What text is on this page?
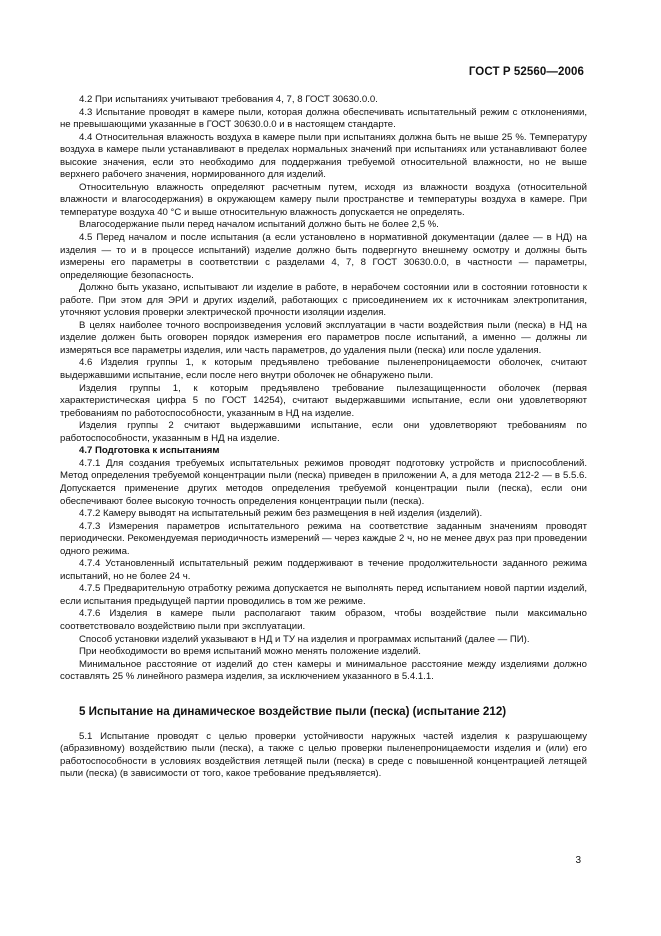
ГОСТ Р 52560—2006

4.2 При испытаниях учитывают требования 4, 7, 8 ГОСТ 30630.0.0.

4.3 Испытание проводят в камере пыли, которая должна обеспечивать испытательный режим с отклонениями, не превышающими указанные в ГОСТ 30630.0.0 и в настоящем стандарте.

4.4 Относительная влажность воздуха в камере пыли при испытаниях должна быть не выше 25 %. Температуру воздуха в камере пыли устанавливают в пределах нормальных значений при испытаниях или устанавливают более высокие значения, если это необходимо для поддержания требуемой относительной влажности, но не выше верхнего рабочего значения, нормированного для изделий.

Относительную влажность определяют расчетным путем, исходя из влажности воздуха (относительной влажности и влагосодержания) в окружающем камеру пыли пространстве и температуры воздуха в камере. При температуре воздуха 40 °С и выше относительную влажность допускается не определять.

Влагосодержание пыли перед началом испытаний должно быть не более 2,5 %.

4.5 Перед началом и после испытания (а если установлено в нормативной документации (далее — в НД) на изделия — то и в процессе испытаний) изделие должно быть подвергнуто внешнему осмотру и должны быть измерены его параметры в соответствии с разделами 4, 7, 8 ГОСТ 30630.0.0, в частности — параметры, определяющие безопасность.

Должно быть указано, испытывают ли изделие в работе, в нерабочем состоянии или в состоянии готовности к работе. При этом для ЭРИ и других изделий, работающих с присоединением их к источникам электропитания, уточняют условия проверки электрической прочности изоляции изделия.

В целях наиболее точного воспроизведения условий эксплуатации в части воздействия пыли (песка) в НД на изделие должен быть оговорен порядок измерения его параметров после испытаний, а именно — должны ли измеряться все параметры изделия, или часть параметров, до удаления пыли (песка) или после удаления.

4.6 Изделия группы 1, к которым предъявлено требование пыленепроницаемости оболочек, считают выдержавшими испытание, если после него внутри оболочек не обнаружено пыли.

Изделия группы 1, к которым предъявлено требование пылезащищенности оболочек (первая характеристическая цифра 5 по ГОСТ 14254), считают выдержавшими испытание, если они удовлетворяют требованиям по работоспособности, указанным в НД на изделие.

Изделия группы 2 считают выдержавшими испытание, если они удовлетворяют требованиям по работоспособности, указанным в НД на изделие.

4.7 Подготовка к испытаниям

4.7.1 Для создания требуемых испытательных режимов проводят подготовку устройств и приспособлений. Метод определения требуемой концентрации пыли (песка) приведен в приложении А, а для метода 212-2 — в 5.5.6. Допускается применение других методов определения требуемой концентрации пыли (песка), если они обеспечивают более высокую точность определения концентрации пыли (песка).

4.7.2 Камеру выводят на испытательный режим без размещения в ней изделия (изделий).

4.7.3 Измерения параметров испытательного режима на соответствие заданным значениям проводят периодически. Рекомендуемая периодичность измерений — через каждые 2 ч, но не менее двух раз при проведении одного режима.

4.7.4 Установленный испытательный режим поддерживают в течение продолжительности заданного режима испытаний, но не более 24 ч.

4.7.5 Предварительную отработку режима допускается не выполнять перед испытанием новой партии изделий, если испытания предыдущей партии проводились в том же режиме.

4.7.6 Изделия в камере пыли располагают таким образом, чтобы воздействие пыли максимально соответствовало воздействию пыли при эксплуатации.

Способ установки изделий указывают в НД и ТУ на изделия и программах испытаний (далее — ПИ).

При необходимости во время испытаний можно менять положение изделий.

Минимальное расстояние от изделий до стен камеры и минимальное расстояние между изделиями должно составлять 25 % линейного размера изделия, за исключением указанного в 5.4.1.1.

5 Испытание на динамическое воздействие пыли (песка) (испытание 212)

5.1 Испытание проводят с целью проверки устойчивости наружных частей изделия к разрушающему (абразивному) воздействию пыли (песка), а также с целью проверки пыленепроницаемости изделия и (или) его работоспособности в условиях воздействия летящей пыли (песка) в среде с повышенной концентрацией летящей пыли (песка) (в зависимости от того, какое требование предъявляется).

3
